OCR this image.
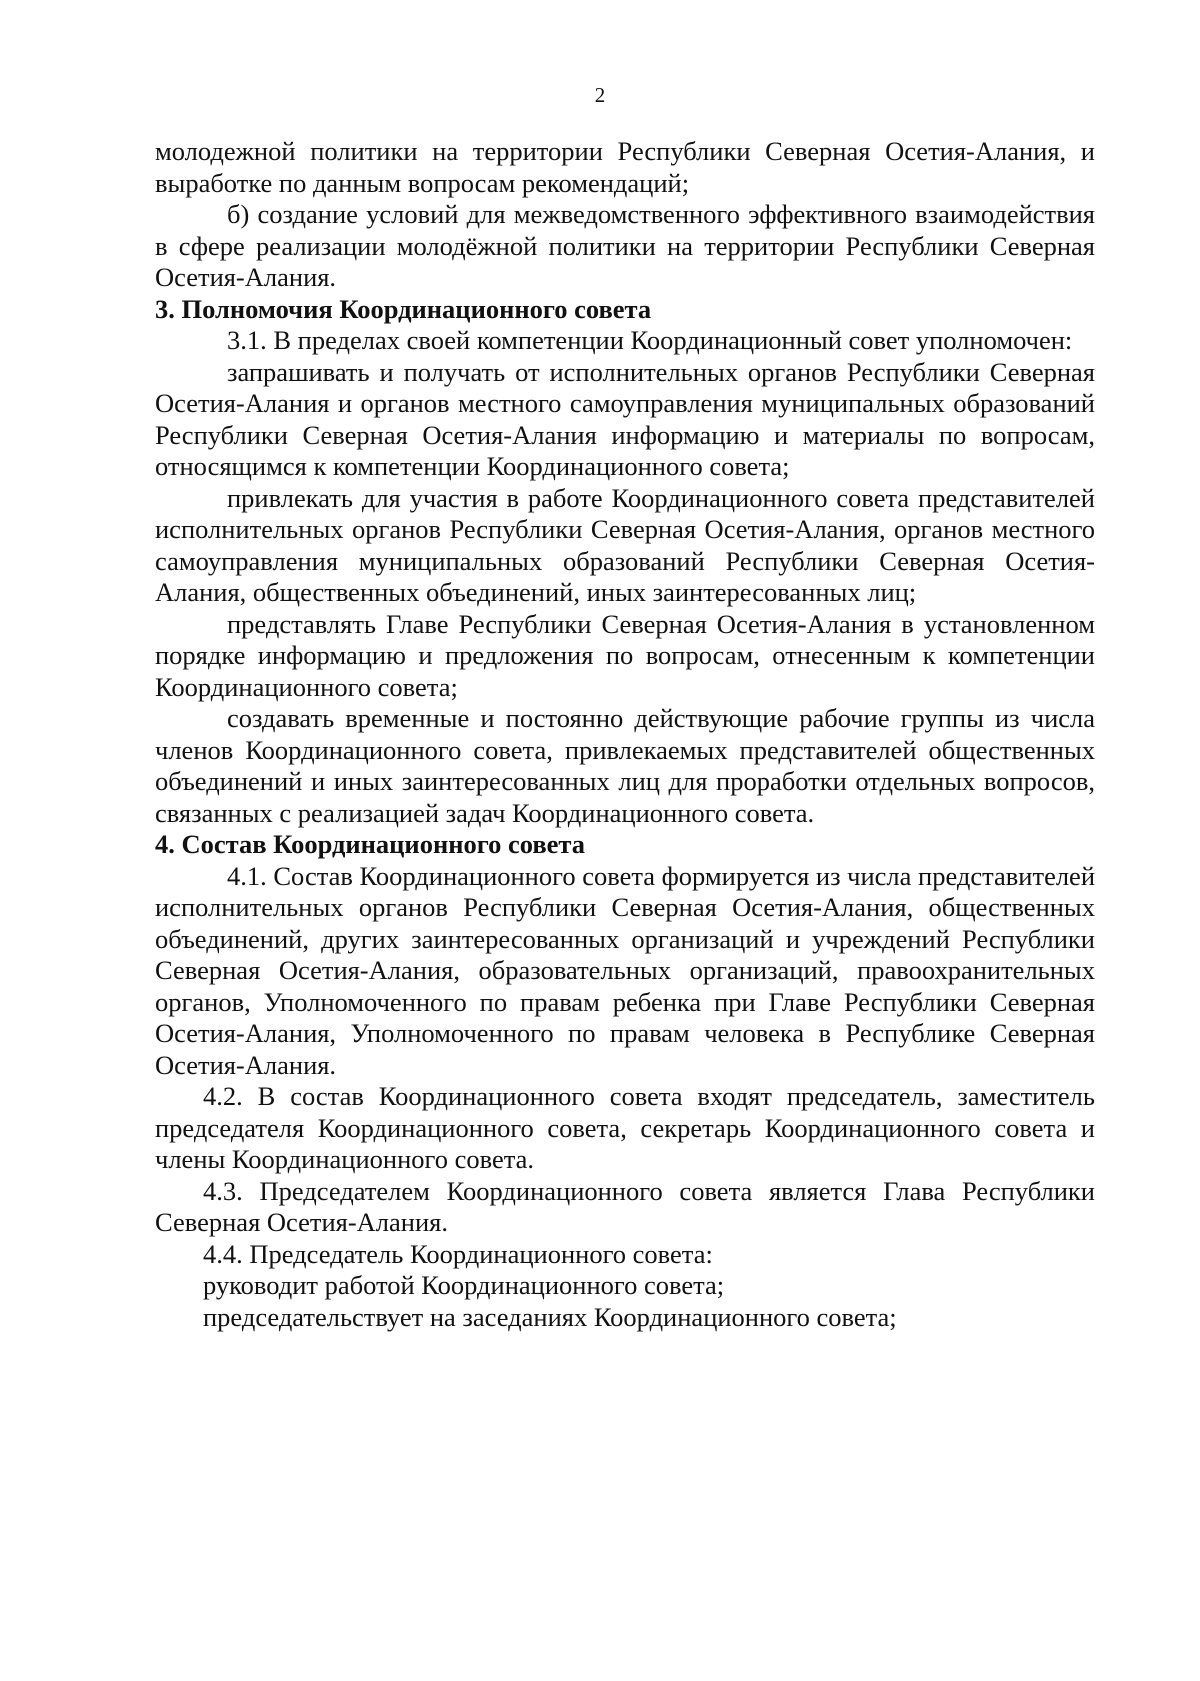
2

молодежной политики на территории Республики Северная Осетия-Алания, и выработке по данным вопросам рекомендаций;

б) создание условий для межведомственного эффективного взаимодействия в сфере реализации молодёжной политики на территории Республики Северная Осетия-Алания.

3. Полномочия Координационного совета

3.1. В пределах своей компетенции Координационный совет уполномочен:

запрашивать и получать от исполнительных органов Республики Северная Осетия-Алания и органов местного самоуправления муниципальных образований Республики Северная Осетия-Алания информацию и материалы по вопросам, относящимся к компетенции Координационного совета;

привлекать для участия в работе Координационного совета представителей исполнительных органов Республики Северная Осетия-Алания, органов местного самоуправления муниципальных образований Республики Северная Осетия-Алания, общественных объединений, иных заинтересованных лиц;

представлять Главе Республики Северная Осетия-Алания в установленном порядке информацию и предложения по вопросам, отнесенным к компетенции Координационного совета;

создавать временные и постоянно действующие рабочие группы из числа членов Координационного совета, привлекаемых представителей общественных объединений и иных заинтересованных лиц для проработки отдельных вопросов, связанных с реализацией задач Координационного совета.

4. Состав Координационного совета

4.1. Состав Координационного совета формируется из числа представителей исполнительных органов Республики Северная Осетия-Алания, общественных объединений, других заинтересованных организаций и учреждений Республики Северная Осетия-Алания, образовательных организаций, правоохранительных органов, Уполномоченного по правам ребенка при Главе Республики Северная Осетия-Алания, Уполномоченного по правам человека в Республике Северная Осетия-Алания.

4.2. В состав Координационного совета входят председатель, заместитель председателя Координационного совета, секретарь Координационного совета и члены Координационного совета.

4.3. Председателем Координационного совета является Глава Республики Северная Осетия-Алания.

4.4. Председатель Координационного совета:

руководит работой Координационного совета;

председательствует на заседаниях Координационного совета;
